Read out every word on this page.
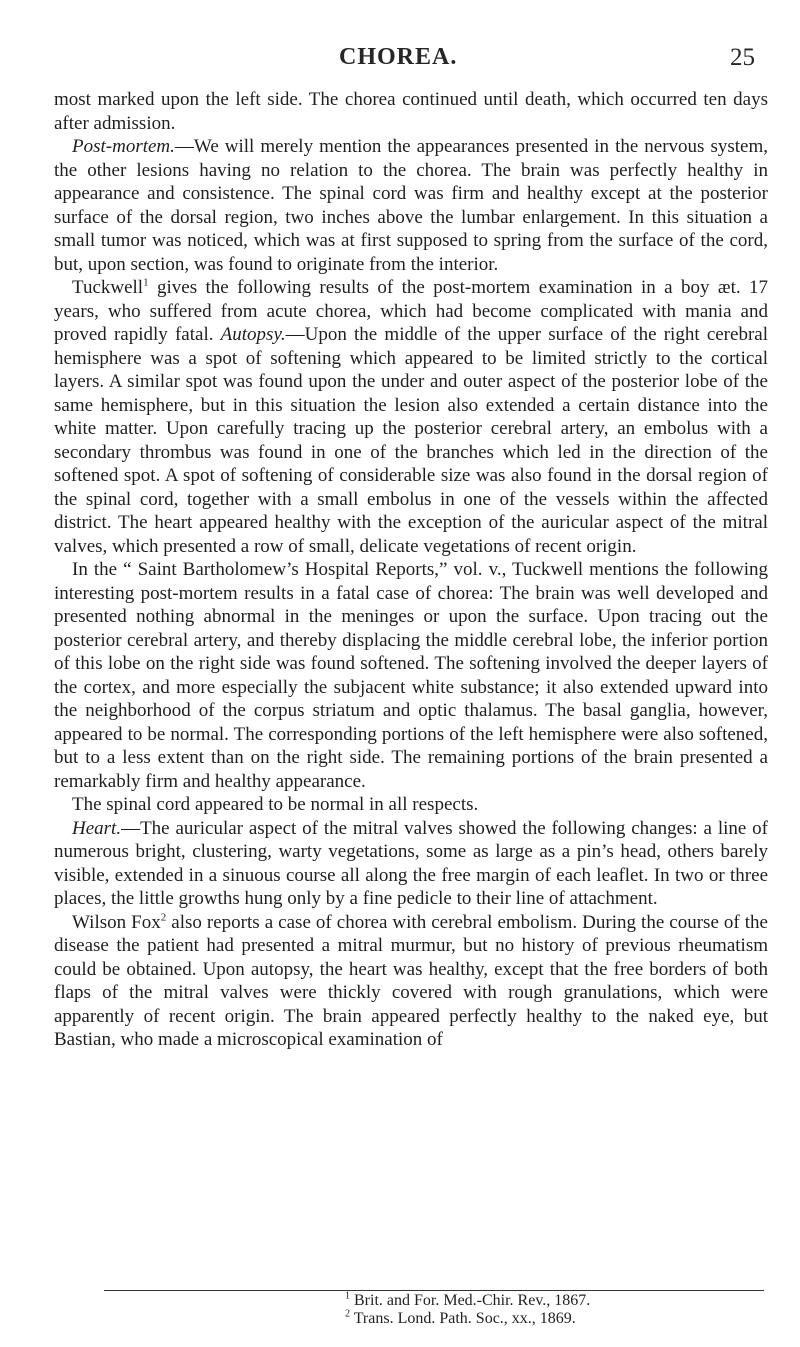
CHOREA.	25

most marked upon the left side. The chorea continued until death, which occurred ten days after admission.

Post-mortem.—We will merely mention the appearances presented in the nervous system, the other lesions having no relation to the chorea. The brain was perfectly healthy in appearance and consistence. The spinal cord was firm and healthy except at the posterior surface of the dorsal region, two inches above the lumbar enlargement. In this situation a small tumor was noticed, which was at first supposed to spring from the surface of the cord, but, upon section, was found to originate from the interior.

Tuckwell$^1$ gives the following results of the post-mortem examination in a boy æt. 17 years, who suffered from acute chorea, which had become complicated with mania and proved rapidly fatal. Autopsy.—Upon the middle of the upper surface of the right cerebral hemisphere was a spot of softening which appeared to be limited strictly to the cortical layers. A similar spot was found upon the under and outer aspect of the posterior lobe of the same hemisphere, but in this situation the lesion also extended a certain distance into the white matter. Upon carefully tracing up the posterior cerebral artery, an embolus with a secondary thrombus was found in one of the branches which led in the direction of the softened spot. A spot of softening of considerable size was also found in the dorsal region of the spinal cord, together with a small embolus in one of the vessels within the affected district. The heart appeared healthy with the exception of the auricular aspect of the mitral valves, which presented a row of small, delicate vegetations of recent origin.

In the “ Saint Bartholomew’s Hospital Reports,” vol. v., Tuckwell mentions the following interesting post-mortem results in a fatal case of chorea: The brain was well developed and presented nothing abnormal in the meninges or upon the surface. Upon tracing out the posterior cerebral artery, and thereby displacing the middle cerebral lobe, the inferior portion of this lobe on the right side was found softened. The softening involved the deeper layers of the cortex, and more especially the subjacent white substance; it also extended upward into the neighborhood of the corpus striatum and optic thalamus. The basal ganglia, however, appeared to be normal. The corresponding portions of the left hemisphere were also softened, but to a less extent than on the right side. The remaining portions of the brain presented a remarkably firm and healthy appearance.

The spinal cord appeared to be normal in all respects.

Heart.—The auricular aspect of the mitral valves showed the following changes: a line of numerous bright, clustering, warty vegetations, some as large as a pin’s head, others barely visible, extended in a sinuous course all along the free margin of each leaflet. In two or three places, the little growths hung only by a fine pedicle to their line of attachment.

Wilson Fox$^2$ also reports a case of chorea with cerebral embolism. During the course of the disease the patient had presented a mitral murmur, but no history of previous rheumatism could be obtained. Upon autopsy, the heart was healthy, except that the free borders of both flaps of the mitral valves were thickly covered with rough granulations, which were apparently of recent origin. The brain appeared perfectly healthy to the naked eye, but Bastian, who made a microscopical examination of

$^1$ Brit. and For. Med.-Chir. Rev., 1867.
$^2$ Trans. Lond. Path. Soc., xx., 1869.
